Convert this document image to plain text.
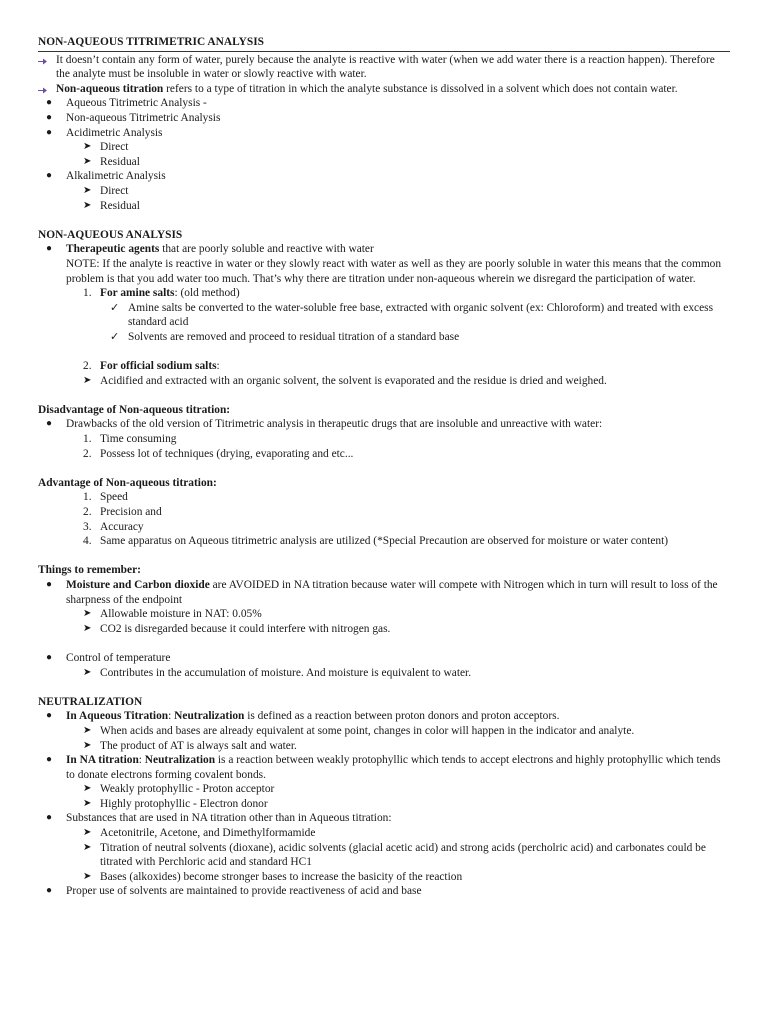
NON-AQUEOUS TITRIMETRIC ANALYSIS
It doesn’t contain any form of water, purely because the analyte is reactive with water (when we add water there is a reaction happen). Therefore the analyte must be insoluble in water or slowly reactive with water.
Non-aqueous titration refers to a type of titration in which the analyte substance is dissolved in a solvent which does not contain water.
● Aqueous Titrimetric Analysis -
● Non-aqueous Titrimetric Analysis
● Acidimetric Analysis
➤ Direct
➤ Residual
● Alkalimetric Analysis
➤ Direct
➤ Residual
NON-AQUEOUS ANALYSIS
● Therapeutic agents that are poorly soluble and reactive with water
NOTE: If the analyte is reactive in water or they slowly react with water as well as they are poorly soluble in water this means that the common problem is that you add water too much. That’s why there are titration under non-aqueous wherein we disregard the participation of water.
1. For amine salts: (old method)
✓ Amine salts be converted to the water-soluble free base, extracted with organic solvent (ex: Chloroform) and treated with excess standard acid
✓ Solvents are removed and proceed to residual titration of a standard base
2. For official sodium salts:
➤ Acidified and extracted with an organic solvent, the solvent is evaporated and the residue is dried and weighed.
Disadvantage of Non-aqueous titration:
● Drawbacks of the old version of Titrimetric analysis in therapeutic drugs that are insoluble and unreactive with water:
1. Time consuming
2. Possess lot of techniques (drying, evaporating and etc...
Advantage of Non-aqueous titration:
1. Speed
2. Precision and
3. Accuracy
4. Same apparatus on Aqueous titrimetric analysis are utilized (*Special Precaution are observed for moisture or water content)
Things to remember:
● Moisture and Carbon dioxide are AVOIDED in NA titration because water will compete with Nitrogen which in turn will result to loss of the sharpness of the endpoint
➤ Allowable moisture in NAT: 0.05%
➤ CO2 is disregarded because it could interfere with nitrogen gas.
● Control of temperature
➤ Contributes in the accumulation of moisture. And moisture is equivalent to water.
NEUTRALIZATION
● In Aqueous Titration: Neutralization is defined as a reaction between proton donors and proton acceptors.
➤ When acids and bases are already equivalent at some point, changes in color will happen in the indicator and analyte.
➤ The product of AT is always salt and water.
● In NA titration: Neutralization is a reaction between weakly protophyllic which tends to accept electrons and highly protophyllic which tends to donate electrons forming covalent bonds.
➤ Weakly protophyllic - Proton acceptor
➤ Highly protophyllic - Electron donor
● Substances that are used in NA titration other than in Aqueous titration:
➤ Acetonitrile, Acetone, and Dimethylformamide
➤ Titration of neutral solvents (dioxane), acidic solvents (glacial acetic acid) and strong acids (percholric acid) and carbonates could be titrated with Perchloric acid and standard HC1
➤ Bases (alkoxides) become stronger bases to increase the basicity of the reaction
● Proper use of solvents are maintained to provide reactiveness of acid and base
